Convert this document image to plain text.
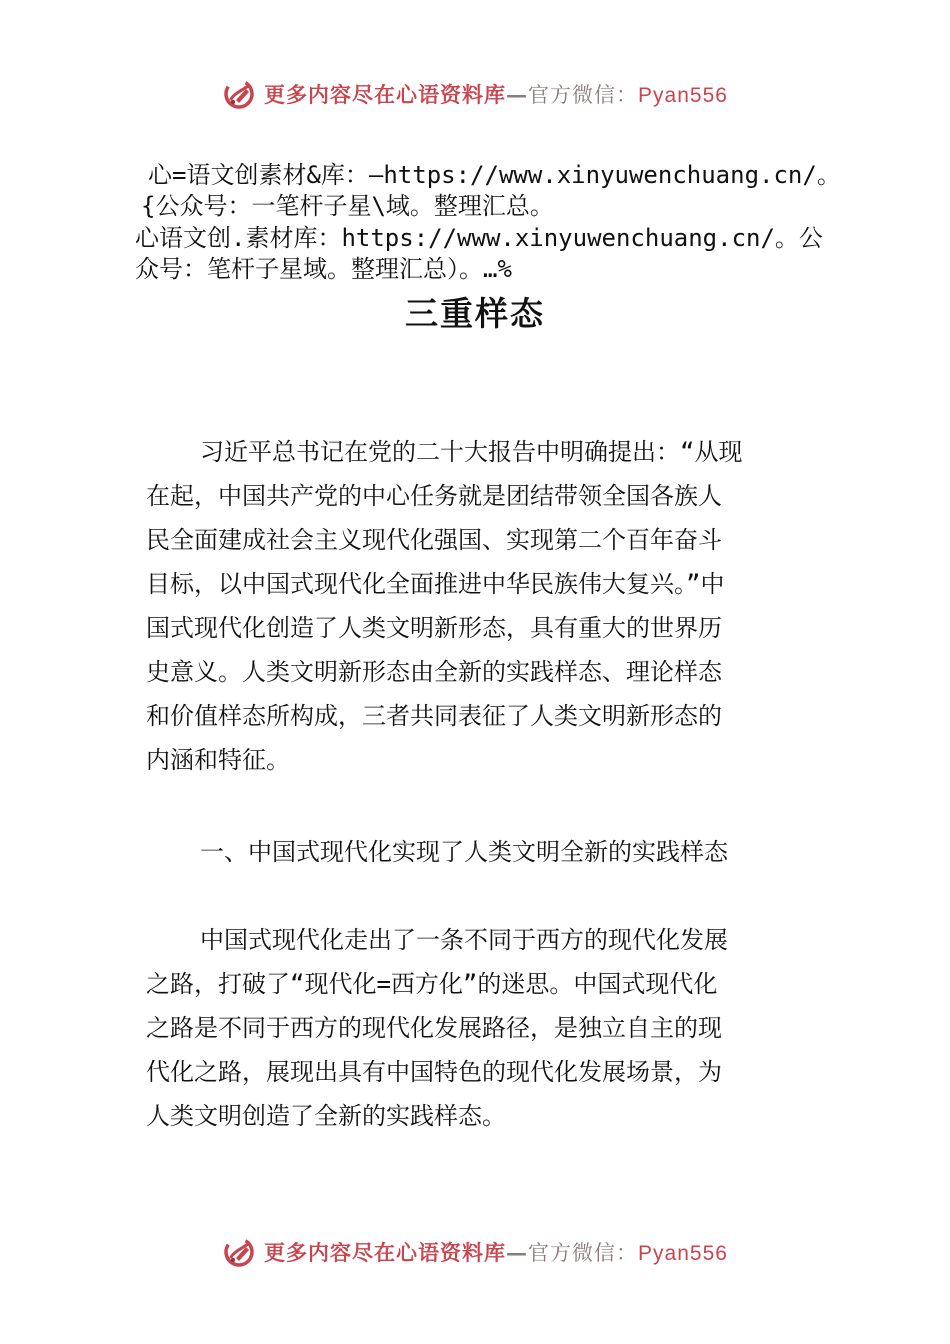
更多内容尽在心语资料库—官方微信：Pyan556
心=语文创素材&库：—https://www.xinyuwenchuang.cn/。
{公众号：一笔杆子星\域。整理汇总。
心语文创.素材库：https://www.xinyuwenchuang.cn/。公
众号：笔杆子星域。整理汇总）。…%
三重样态
习近平总书记在党的二十大报告中明确提出：“从现
在起，中国共产党的中心任务就是团结带领全国各族人
民全面建成社会主义现代化强国、实现第二个百年奋斗
目标，以中国式现代化全面推进中华民族伟大复兴。”中
国式现代化创造了人类文明新形态，具有重大的世界历
史意义。人类文明新形态由全新的实践样态、理论样态
和价值样态所构成，三者共同表征了人类文明新形态的
内涵和特征。
一、中国式现代化实现了人类文明全新的实践样态
中国式现代化走出了一条不同于西方的现代化发展
之路，打破了“现代化=西方化”的迷思。中国式现代化
之路是不同于西方的现代化发展路径，是独立自主的现
代化之路，展现出具有中国特色的现代化发展场景，为
人类文明创造了全新的实践样态。
更多内容尽在心语资料库—官方微信：Pyan556
